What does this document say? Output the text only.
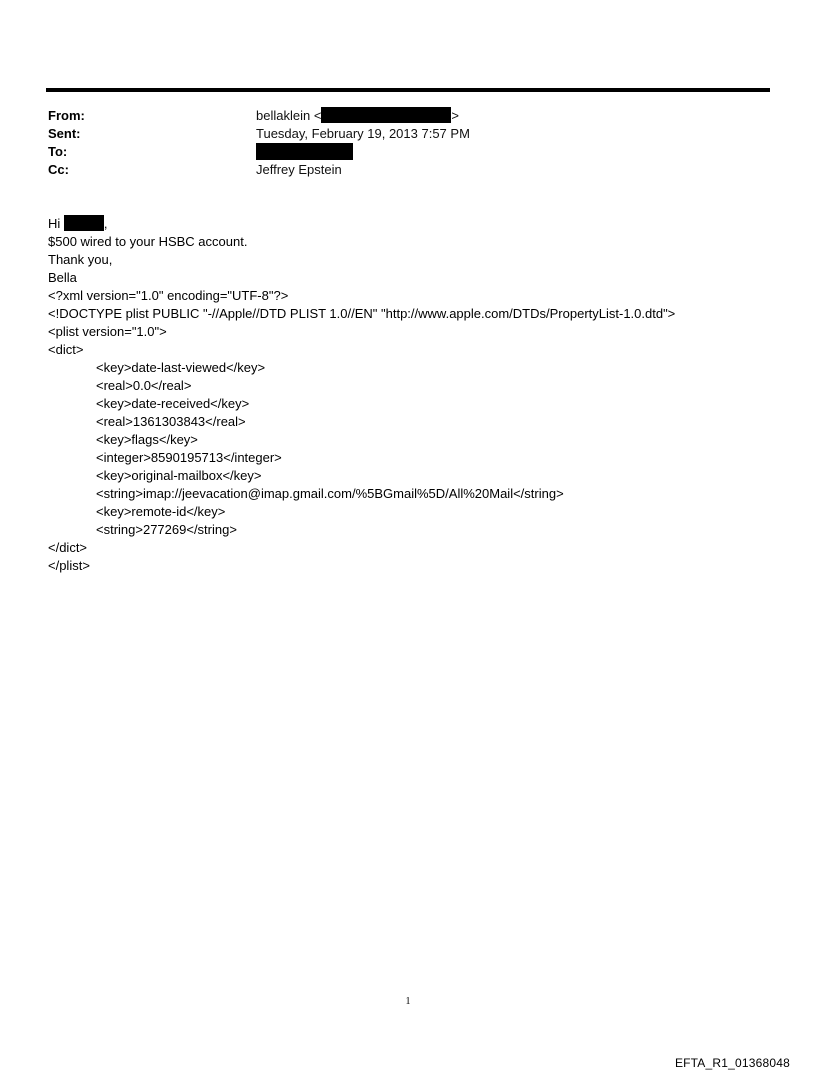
From:	bellaklein <	>
Sent:	Tuesday, February 19, 2013 7:57 PM
To:
Cc:	Jeffrey Epstein
Hi	,
$500 wired to your HSBC account.
Thank you,
Bella
<?xml version="1.0" encoding="UTF-8"?>
<!DOCTYPE plist PUBLIC "-//Apple//DTD PLIST 1.0//EN" "http://www.apple.com/DTDs/PropertyList-1.0.dtd">
<plist version="1.0">
<dict>
<key>date-last-viewed</key>
<real>0.0</real>
<key>date-received</key>
<real>1361303843</real>
<key>flags</key>
<integer>8590195713</integer>
<key>original-mailbox</key>
<string>imap://jeevacation@imap.gmail.com/%5BGmail%5D/All%20Mail</string>
<key>remote-id</key>
<string>277269</string>
</dict>
</plist>
1
EFTA_R1_01368048
